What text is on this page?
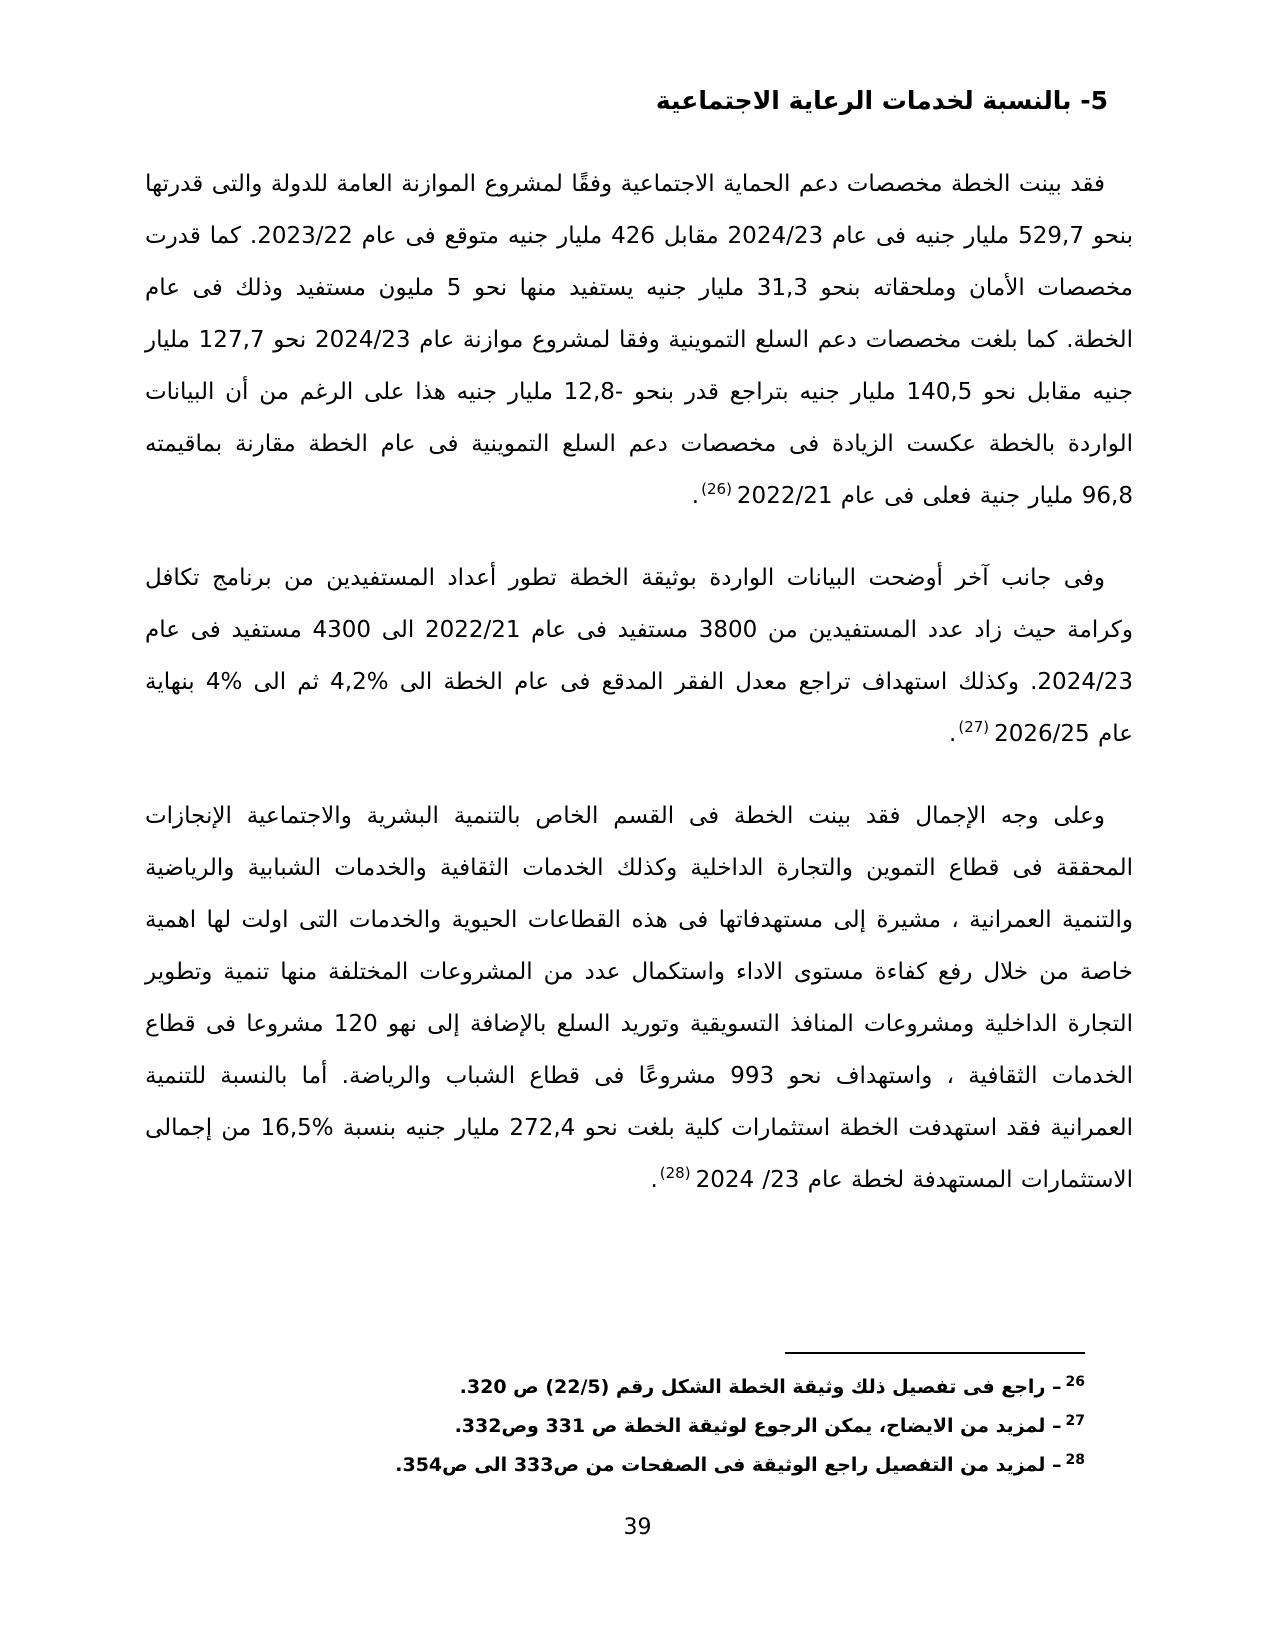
5- بالنسبة لخدمات الرعاية الاجتماعية

فقد بينت الخطة مخصصات دعم الحماية الاجتماعية وفقًا لمشروع الموازنة العامة للدولة والتى قدرتها بنحو 529,7 مليار جنيه فى عام 2024/23 مقابل 426 مليار جنيه متوقع فى عام 2023/22. كما قدرت مخصصات الأمان وملحقاته بنحو 31,3 مليار جنيه يستفيد منها نحو 5 مليون مستفيد وذلك فى عام الخطة. كما بلغت مخصصات دعم السلع التموينية وفقا لمشروع موازنة عام 2024/23 نحو 127,7 مليار جنيه مقابل نحو 140,5 مليار جنيه بتراجع قدر بنحو -12,8 مليار جنيه هذا على الرغم من أن البيانات الواردة بالخطة عكست الزيادة فى مخصصات دعم السلع التموينية فى عام الخطة مقارنة بماقيمته 96,8 مليار جنية فعلى فى عام 2022/21$^{(26)}$.

وفى جانب آخر أوضحت البيانات الواردة بوثيقة الخطة تطور أعداد المستفيدين من برنامج تكافل وكرامة حيث زاد عدد المستفيدين من 3800 مستفيد فى عام 2022/21 الى 4300 مستفيد فى عام 2024/23. وكذلك استهداف تراجع معدل الفقر المدقع فى عام الخطة الى %4,2 ثم الى %4 بنهاية عام 2026/25$^{(27)}$.

وعلى وجه الإجمال فقد بينت الخطة فى القسم الخاص بالتنمية البشرية والاجتماعية الإنجازات المحققة فى قطاع التموين والتجارة الداخلية وكذلك الخدمات الثقافية والخدمات الشبابية والرياضية والتنمية العمرانية ، مشيرة إلى مستهدفاتها فى هذه القطاعات الحيوية والخدمات التى اولت لها اهمية خاصة من خلال رفع كفاءة مستوى الاداء واستكمال عدد من المشروعات المختلفة منها تنمية وتطوير التجارة الداخلية ومشروعات المنافذ التسويقية وتوريد السلع بالإضافة إلى نهو 120 مشروعا فى قطاع الخدمات الثقافية ، واستهداف نحو 993 مشروعًا فى قطاع الشباب والرياضة. أما بالنسبة للتنمية العمرانية فقد استهدفت الخطة استثمارات كلية بلغت نحو 272,4 مليار جنيه بنسبة %16,5 من إجمالى الاستثمارات المستهدفة لخطة عام 23/ 2024$^{(28)}$.

$^{26}$– راجع فى تفصيل ذلك وثيقة الخطة الشكل رقم (22/5) ص 320.
$^{27}$– لمزيد من الايضاح، يمكن الرجوع لوثيقة الخطة ص 331 وص332.
$^{28}$– لمزيد من التفصيل راجع الوثيقة فى الصفحات من ص333 الى ص354.
39
